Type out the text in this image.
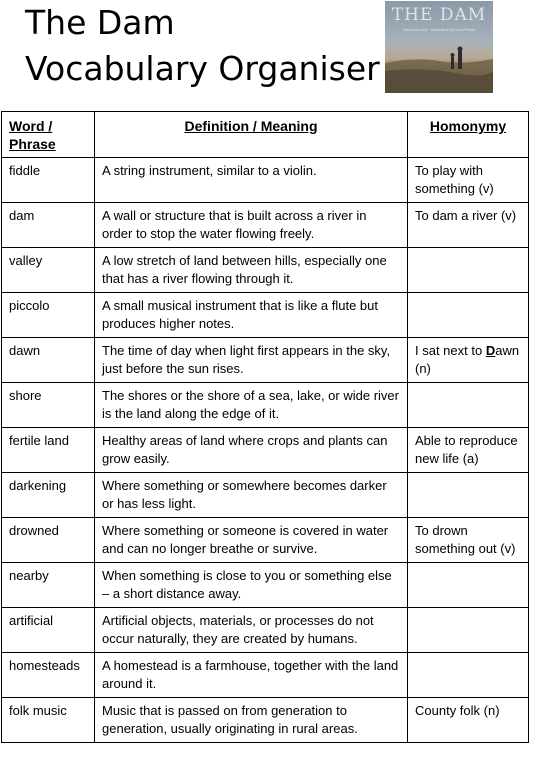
The Dam
Vocabulary Organiser
THE DAM
David Almond · illustrated by Levi Pinfold
Word / Phrase	Definition / Meaning	Homonymy
fiddle	A string instrument, similar to a violin.	To play with something (v)
dam	A wall or structure that is built across a river in order to stop the water flowing freely.	To dam a river (v)
valley	A low stretch of land between hills, especially one that has a river flowing through it.	
piccolo	A small musical instrument that is like a flute but produces higher notes.	
dawn	The time of day when light first appears in the sky, just before the sun rises.	I sat next to Dawn (n)
shore	The shores or the shore of a sea, lake, or wide river is the land along the edge of it.	
fertile land	Healthy areas of land where crops and plants can grow easily.	Able to reproduce new life (a)
darkening	Where something or somewhere becomes darker or has less light.	
drowned	Where something or someone is covered in water and can no longer breathe or survive.	To drown something out (v)
nearby	When something is close to you or something else – a short distance away.	
artificial	Artificial objects, materials, or processes do not occur naturally, they are created by humans.	
homesteads	A homestead is a farmhouse, together with the land around it.	
folk music	Music that is passed on from generation to generation, usually originating in rural areas.	County folk (n)
